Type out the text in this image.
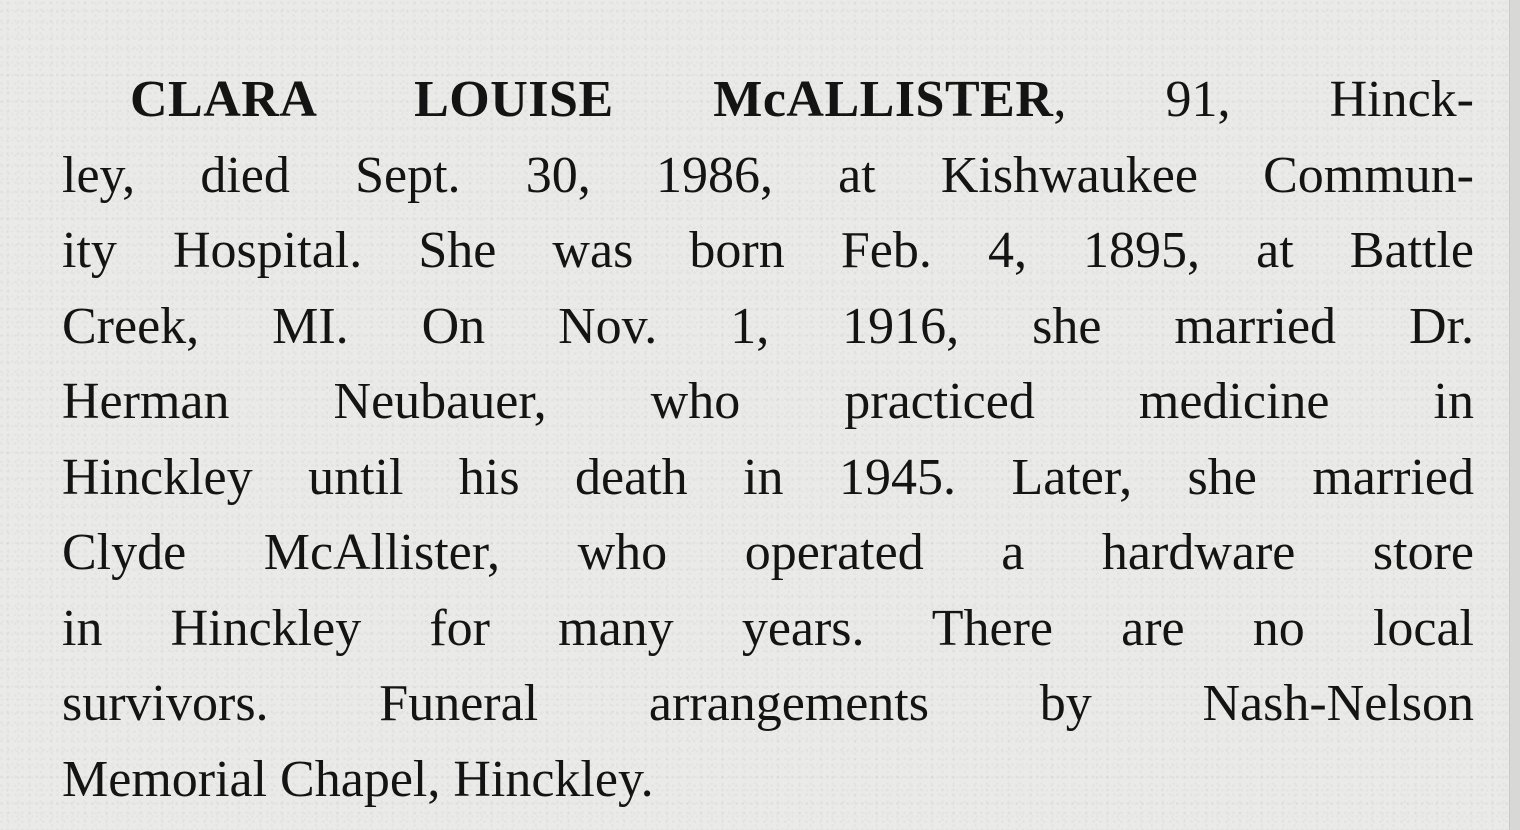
CLARA LOUISE McALLISTER, 91, Hinck-
ley, died Sept. 30, 1986, at Kishwaukee Commun-
ity Hospital. She was born Feb. 4, 1895, at Battle
Creek, MI. On Nov. 1, 1916, she married Dr.
Herman Neubauer, who practiced medicine in
Hinckley until his death in 1945. Later, she married
Clyde McAllister, who operated a hardware store
in Hinckley for many years. There are no local
survivors. Funeral arrangements by Nash-Nelson
Memorial Chapel, Hinckley.
